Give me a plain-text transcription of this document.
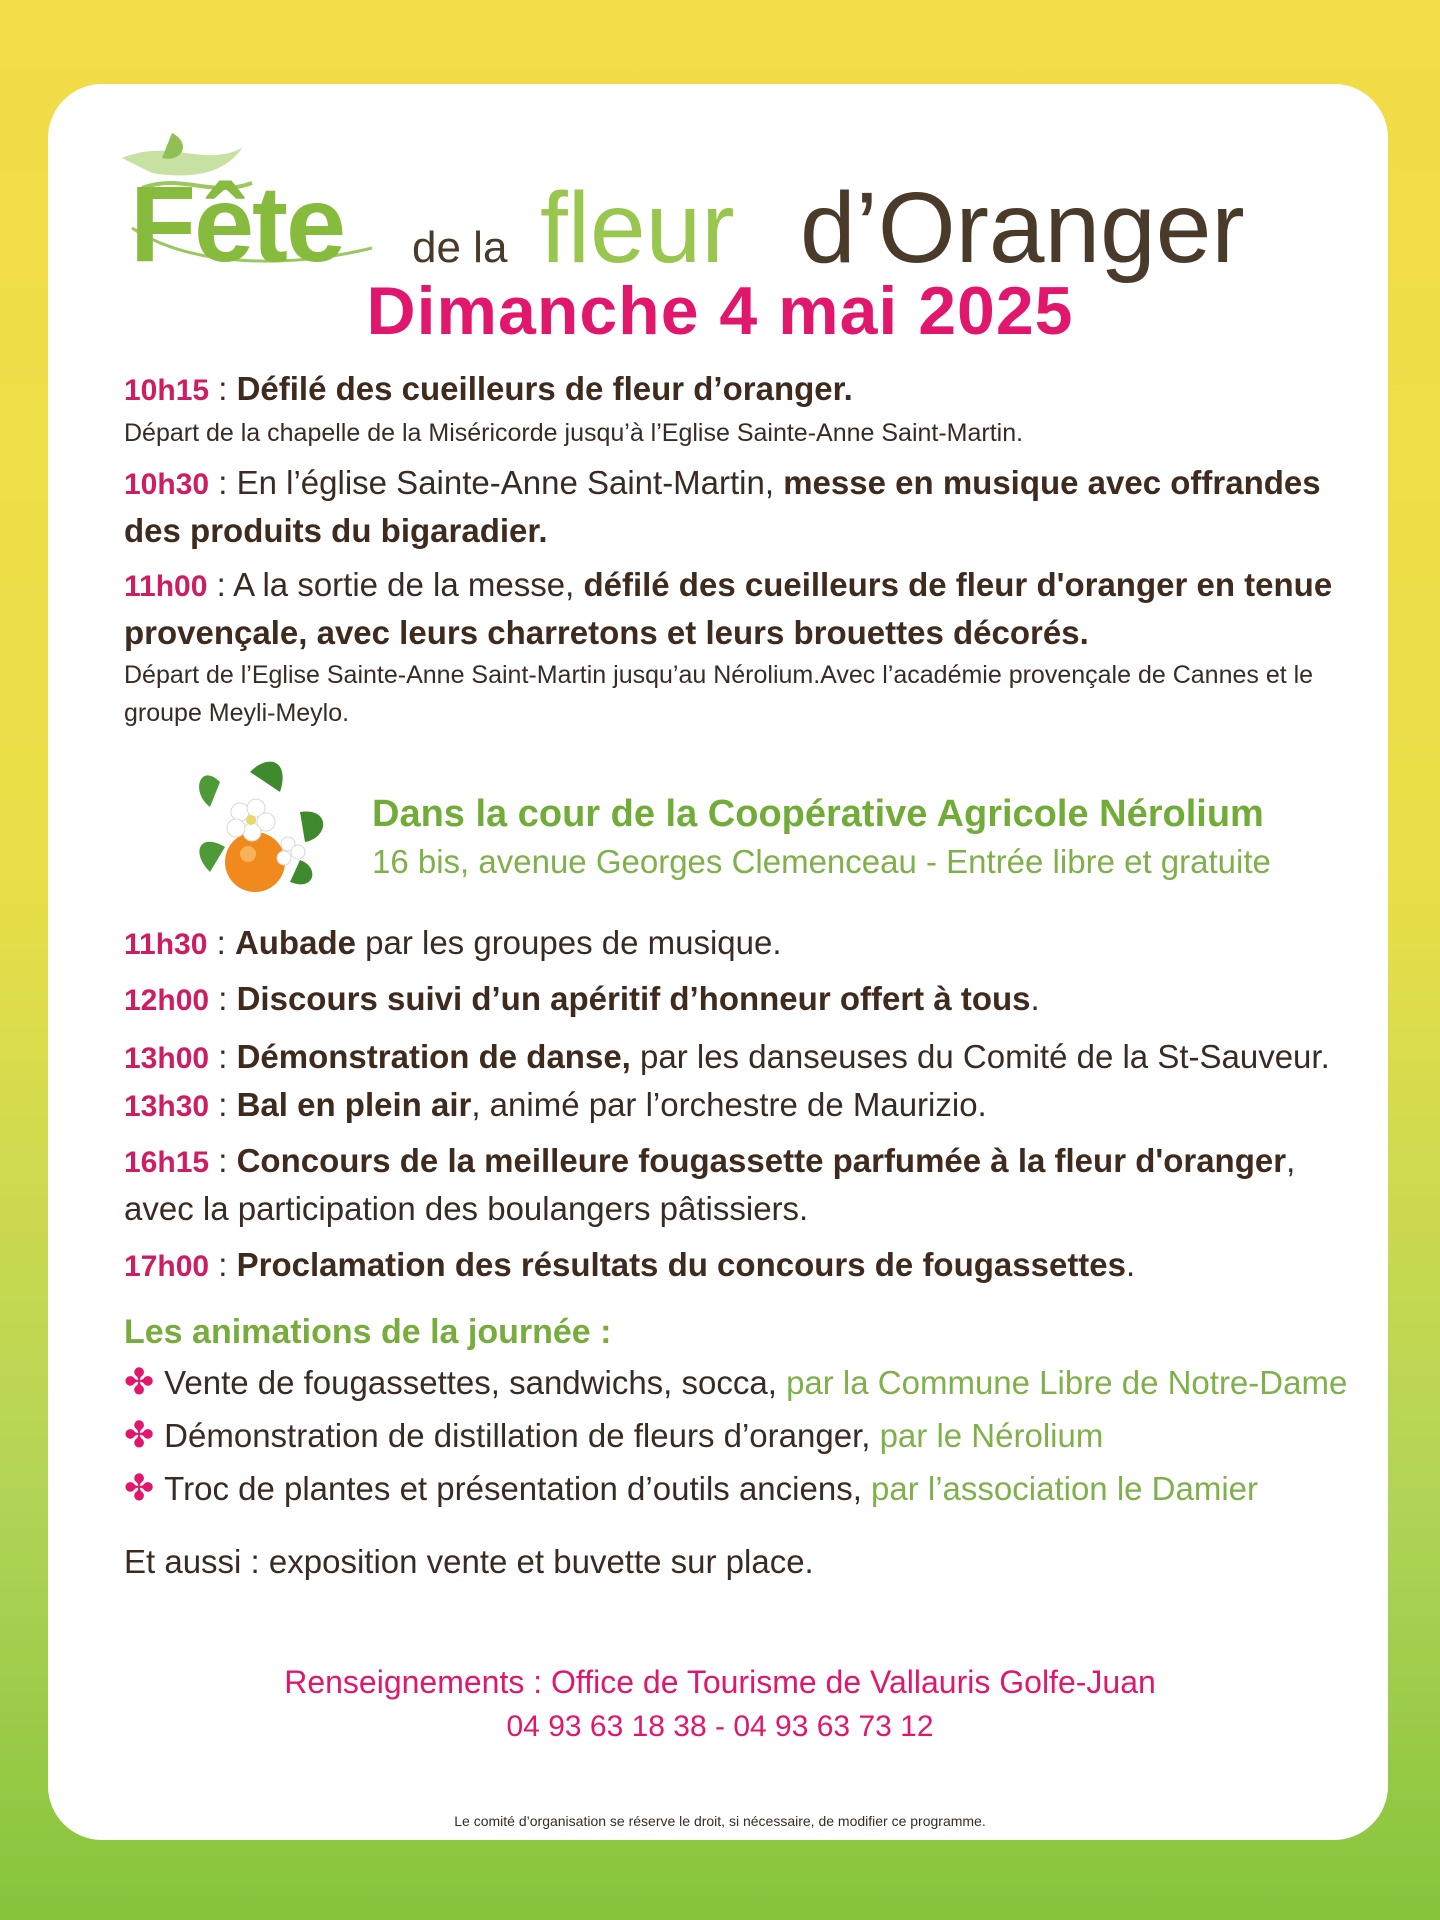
Fête de la fleur d’Oranger
Dimanche 4 mai 2025
10h15 : Défilé des cueilleurs de fleur d’oranger.
Départ de la chapelle de la Miséricorde jusqu’à l’Eglise Sainte-Anne Saint-Martin.
10h30 : En l’église Sainte-Anne Saint-Martin, messe en musique avec offrandes des produits du bigaradier.
11h00 : A la sortie de la messe, défilé des cueilleurs de fleur d'oranger en tenue provençale, avec leurs charretons et leurs brouettes décorés.
Départ de l’Eglise Sainte-Anne Saint-Martin jusqu’au Nérolium.Avec l’académie provençale de Cannes et le groupe Meyli-Meylo.
Dans la cour de la Coopérative Agricole Nérolium
16 bis, avenue Georges Clemenceau - Entrée libre et gratuite
11h30 : Aubade par les groupes de musique.
12h00 : Discours suivi d’un apéritif d’honneur offert à tous.
13h00 : Démonstration de danse, par les danseuses du Comité de la St-Sauveur.
13h30 : Bal en plein air, animé par l’orchestre de Maurizio.
16h15 : Concours de la meilleure fougassette parfumée à la fleur d'oranger, avec la participation des boulangers pâtissiers.
17h00 : Proclamation des résultats du concours de fougassettes.
Les animations de la journée :
✤ Vente de fougassettes, sandwichs, socca, par la Commune Libre de Notre-Dame
✤ Démonstration de distillation de fleurs d’oranger, par le Nérolium
✤ Troc de plantes et présentation d’outils anciens, par l’association le Damier
Et aussi : exposition vente et buvette sur place.
Renseignements : Office de Tourisme de Vallauris Golfe-Juan
04 93 63 18 38 - 04 93 63 73 12
Le comité d’organisation se réserve le droit, si nécessaire, de modifier ce programme.
